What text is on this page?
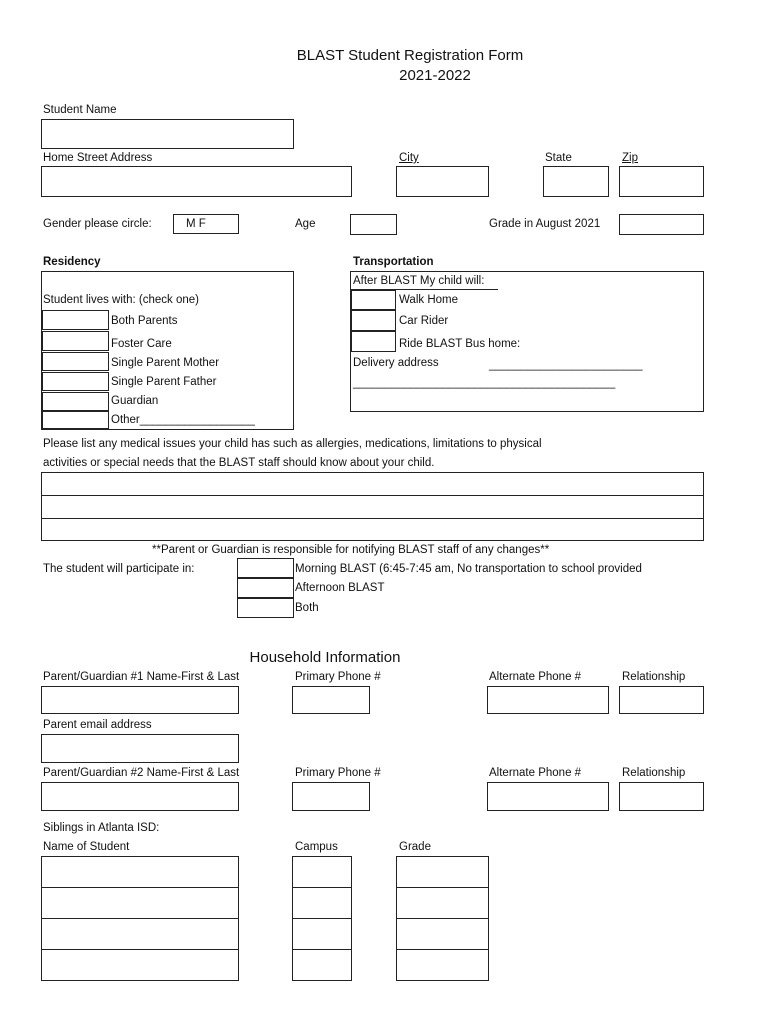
BLAST Student Registration Form
2021-2022
Student Name
Home Street Address	City	State	Zip
Gender please circle:	M F	Age	Grade in August 2021
Residency
Student lives with: (check one)
Both Parents
Foster Care
Single Parent Mother
Single Parent Father
Guardian
Other__________________
Transportation
After BLAST My child will:
Walk Home
Car Rider
Ride BLAST Bus home:
Delivery address	________________________
_________________________________________
Please list any medical issues your child has such as allergies, medications, limitations to physical
activities or special needs that the BLAST staff should know about your child.
**Parent or Guardian is responsible for notifying BLAST staff of any changes**
The student will participate in:	Morning BLAST (6:45-7:45 am, No transportation to school provided
Afternoon BLAST
Both
Household Information
Parent/Guardian #1 Name-First & Last	Primary Phone #	Alternate Phone #	Relationship
Parent email address
Parent/Guardian #2 Name-First & Last	Primary Phone #	Alternate Phone #	Relationship
Siblings in Atlanta ISD:
Name of Student	Campus	Grade
